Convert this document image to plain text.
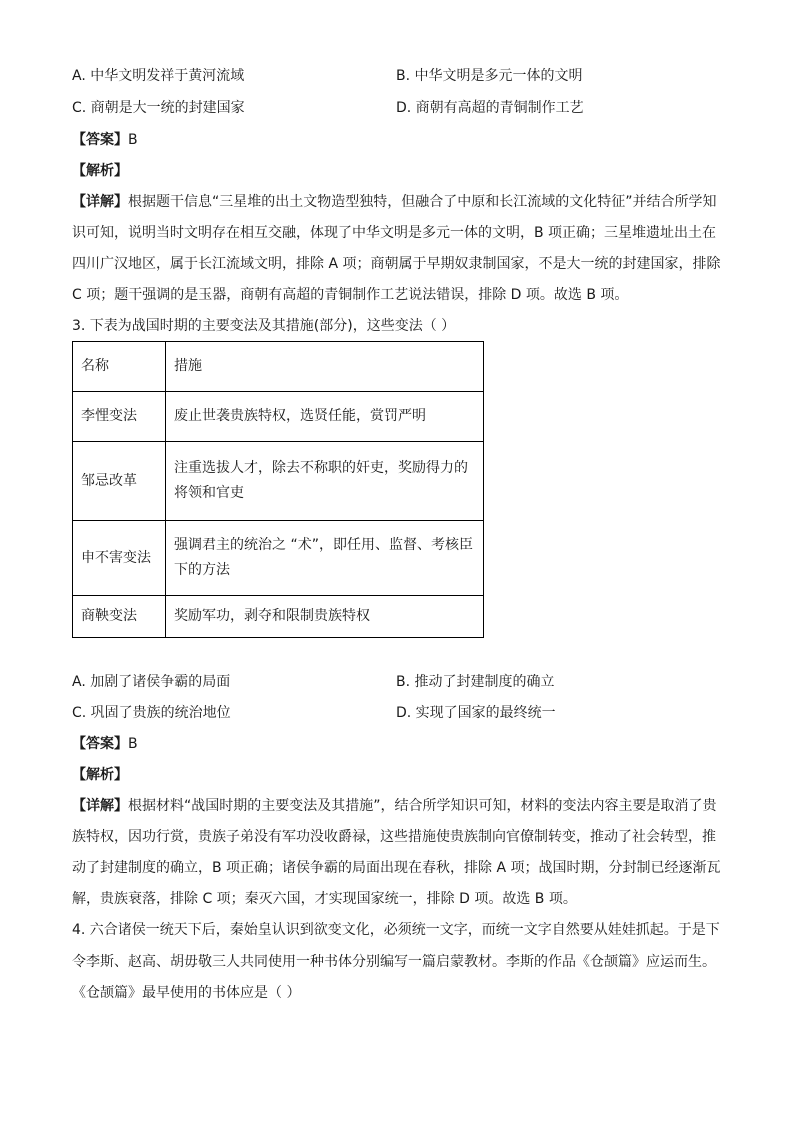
A. 中华文明发祥于黄河流域	B. 中华文明是多元一体的文明
C. 商朝是大一统的封建国家	D. 商朝有高超的青铜制作工艺
【答案】B
【解析】
【详解】根据题干信息“三星堆的出土文物造型独特，但融合了中原和长江流域的文化特征”并结合所学知
识可知，说明当时文明存在相互交融，体现了中华文明是多元一体的文明，B 项正确；三星堆遗址出土在
四川广汉地区，属于长江流域文明，排除 A 项；商朝属于早期奴隶制国家，不是大一统的封建国家，排除
C 项；题干强调的是玉器，商朝有高超的青铜制作工艺说法错误，排除 D 项。故选 B 项。
3. 下表为战国时期的主要变法及其措施(部分)，这些变法（ ）
名称	措施
李悝变法	废止世袭贵族特权，选贤任能，赏罚严明
邹忌改革	注重选拔人才，除去不称职的奸吏，奖励得力的
将领和官吏

申不害变法	强调君主的统治之 “术”，即任用、监督、考核臣
下的方法

商鞅变法	奖励军功，剥夺和限制贵族特权
A. 加剧了诸侯争霸的局面	B. 推动了封建制度的确立
C. 巩固了贵族的统治地位	D. 实现了国家的最终统一
【答案】B
【解析】
【详解】根据材料“战国时期的主要变法及其措施”，结合所学知识可知，材料的变法内容主要是取消了贵
族特权，因功行赏，贵族子弟没有军功没收爵禄，这些措施使贵族制向官僚制转变，推动了社会转型，推
动了封建制度的确立，B 项正确；诸侯争霸的局面出现在春秋，排除 A 项；战国时期，分封制已经逐渐瓦
解，贵族衰落，排除 C 项；秦灭六国，才实现国家统一，排除 D 项。故选 B 项。
4. 六合诸侯一统天下后，秦始皇认识到欲变文化，必须统一文字，而统一文字自然要从娃娃抓起。于是下
令李斯、赵高、胡毋敬三人共同使用一种书体分别编写一篇启蒙教材。李斯的作品《仓颉篇》应运而生。
《仓颉篇》最早使用的书体应是（ ）
